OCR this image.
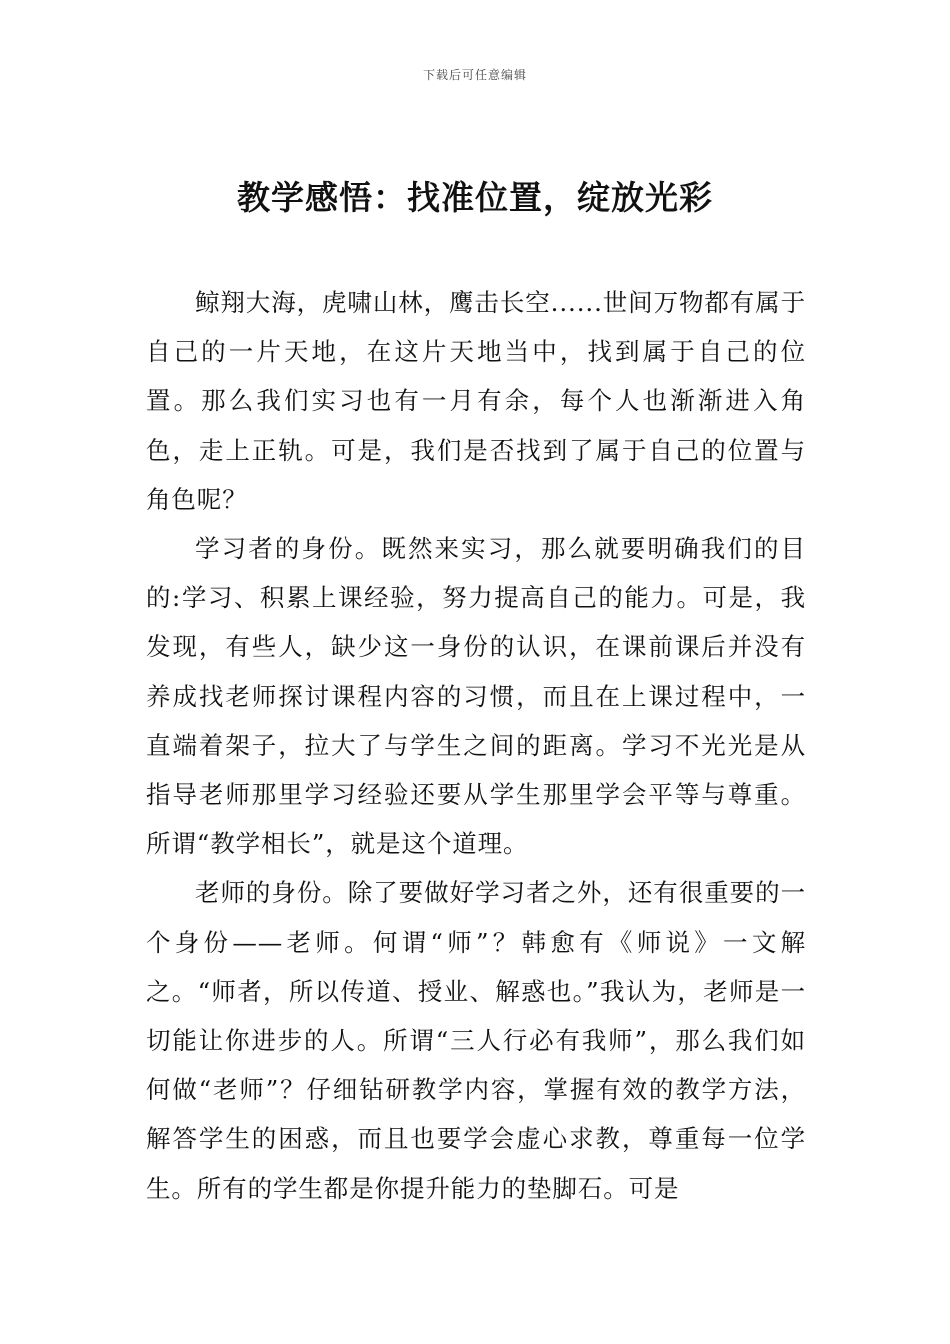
下载后可任意编辑
教学感悟：找准位置，绽放光彩

鲸翔大海，虎啸山林，鹰击长空......世间万物都有属于自己的一片天地，在这片天地当中，找到属于自己的位置。那么我们实习也有一月有余，每个人也渐渐进入角色，走上正轨。可是，我们是否找到了属于自己的位置与角色呢？

学习者的身份。既然来实习，那么就要明确我们的目的:学习、积累上课经验，努力提高自己的能力。可是，我发现，有些人，缺少这一身份的认识，在课前课后并没有养成找老师探讨课程内容的习惯，而且在上课过程中，一直端着架子，拉大了与学生之间的距离。学习不光光是从指导老师那里学习经验还要从学生那里学会平等与尊重。所谓“教学相长”，就是这个道理。

老师的身份。除了要做好学习者之外，还有很重要的一个身份——老师。何谓“师”？韩愈有《师说》一文解之。“师者，所以传道、授业、解惑也。”我认为，老师是一切能让你进步的人。所谓“三人行必有我师”，那么我们如何做“老师”？仔细钻研教学内容，掌握有效的教学方法，解答学生的困惑，而且也要学会虚心求教，尊重每一位学生。所有的学生都是你提升能力的垫脚石。可是
